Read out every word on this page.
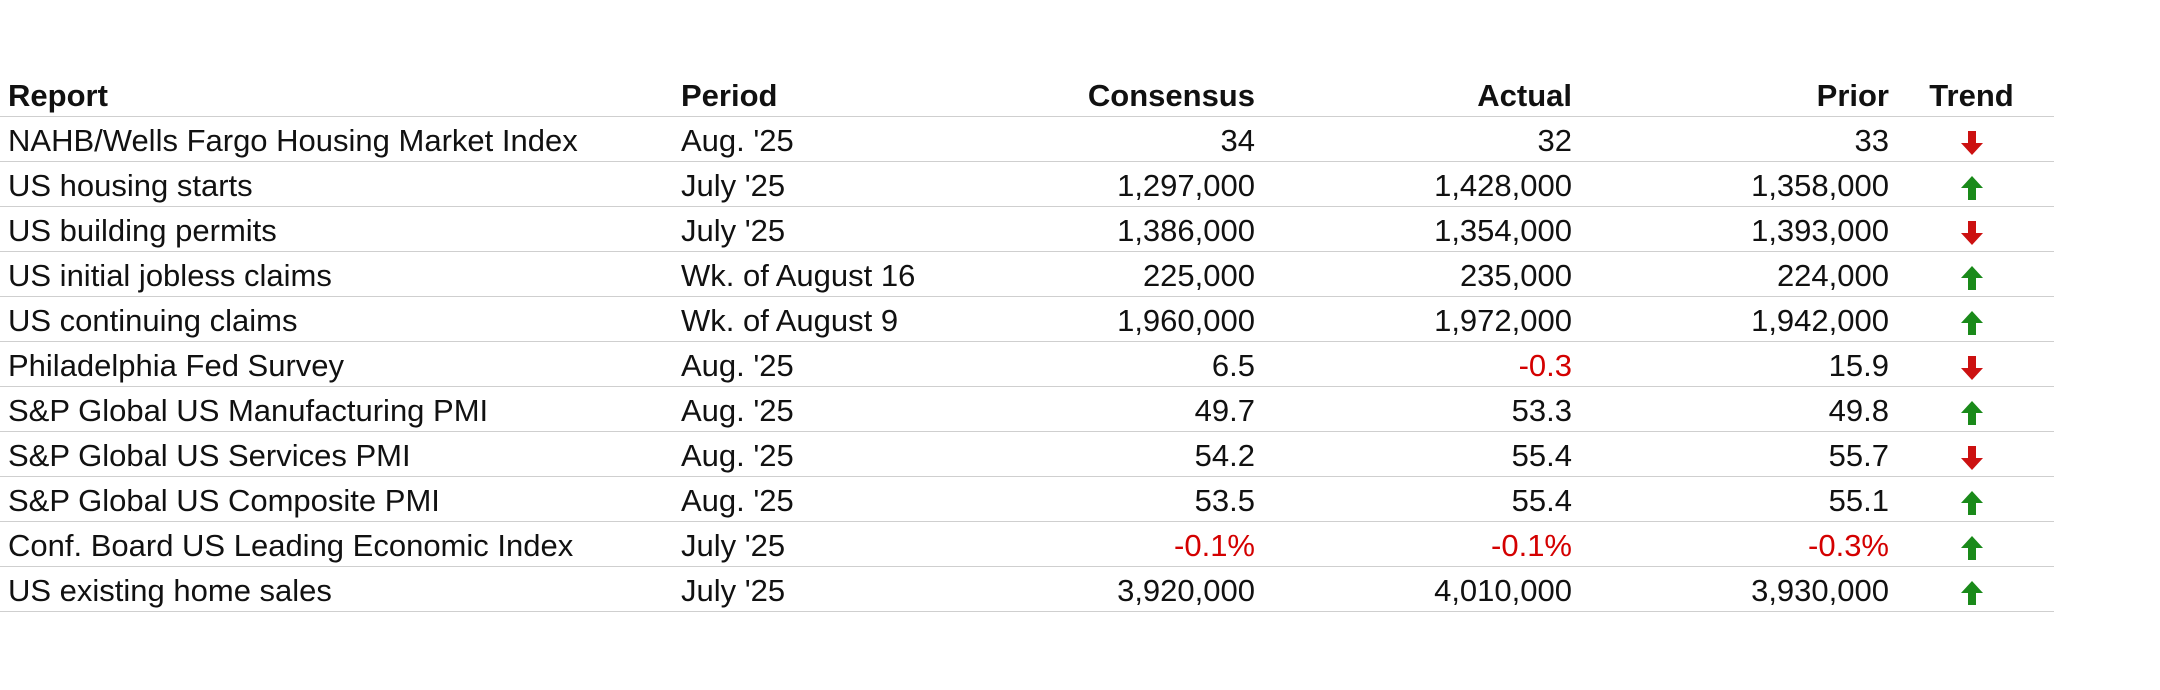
Report	Period	Consensus	Actual	Prior	Trend	
NAHB/Wells Fargo Housing Market Index	Aug. '25	34	32	33	

US housing starts	July '25	1,297,000	1,428,000	1,358,000	

US building permits	July '25	1,386,000	1,354,000	1,393,000	

US initial jobless claims	Wk. of August 16	225,000	235,000	224,000	

US continuing claims	Wk. of August 9	1,960,000	1,972,000	1,942,000	

Philadelphia Fed Survey	Aug. '25	6.5	-0.3	15.9	

S&P Global US Manufacturing PMI	Aug. '25	49.7	53.3	49.8	

S&P Global US Services PMI	Aug. '25	54.2	55.4	55.7	

S&P Global US Composite PMI	Aug. '25	53.5	55.4	55.1	

Conf. Board US Leading Economic Index	July '25	-0.1%	-0.1%	-0.3%	

US existing home sales	July '25	3,920,000	4,010,000	3,930,000	
